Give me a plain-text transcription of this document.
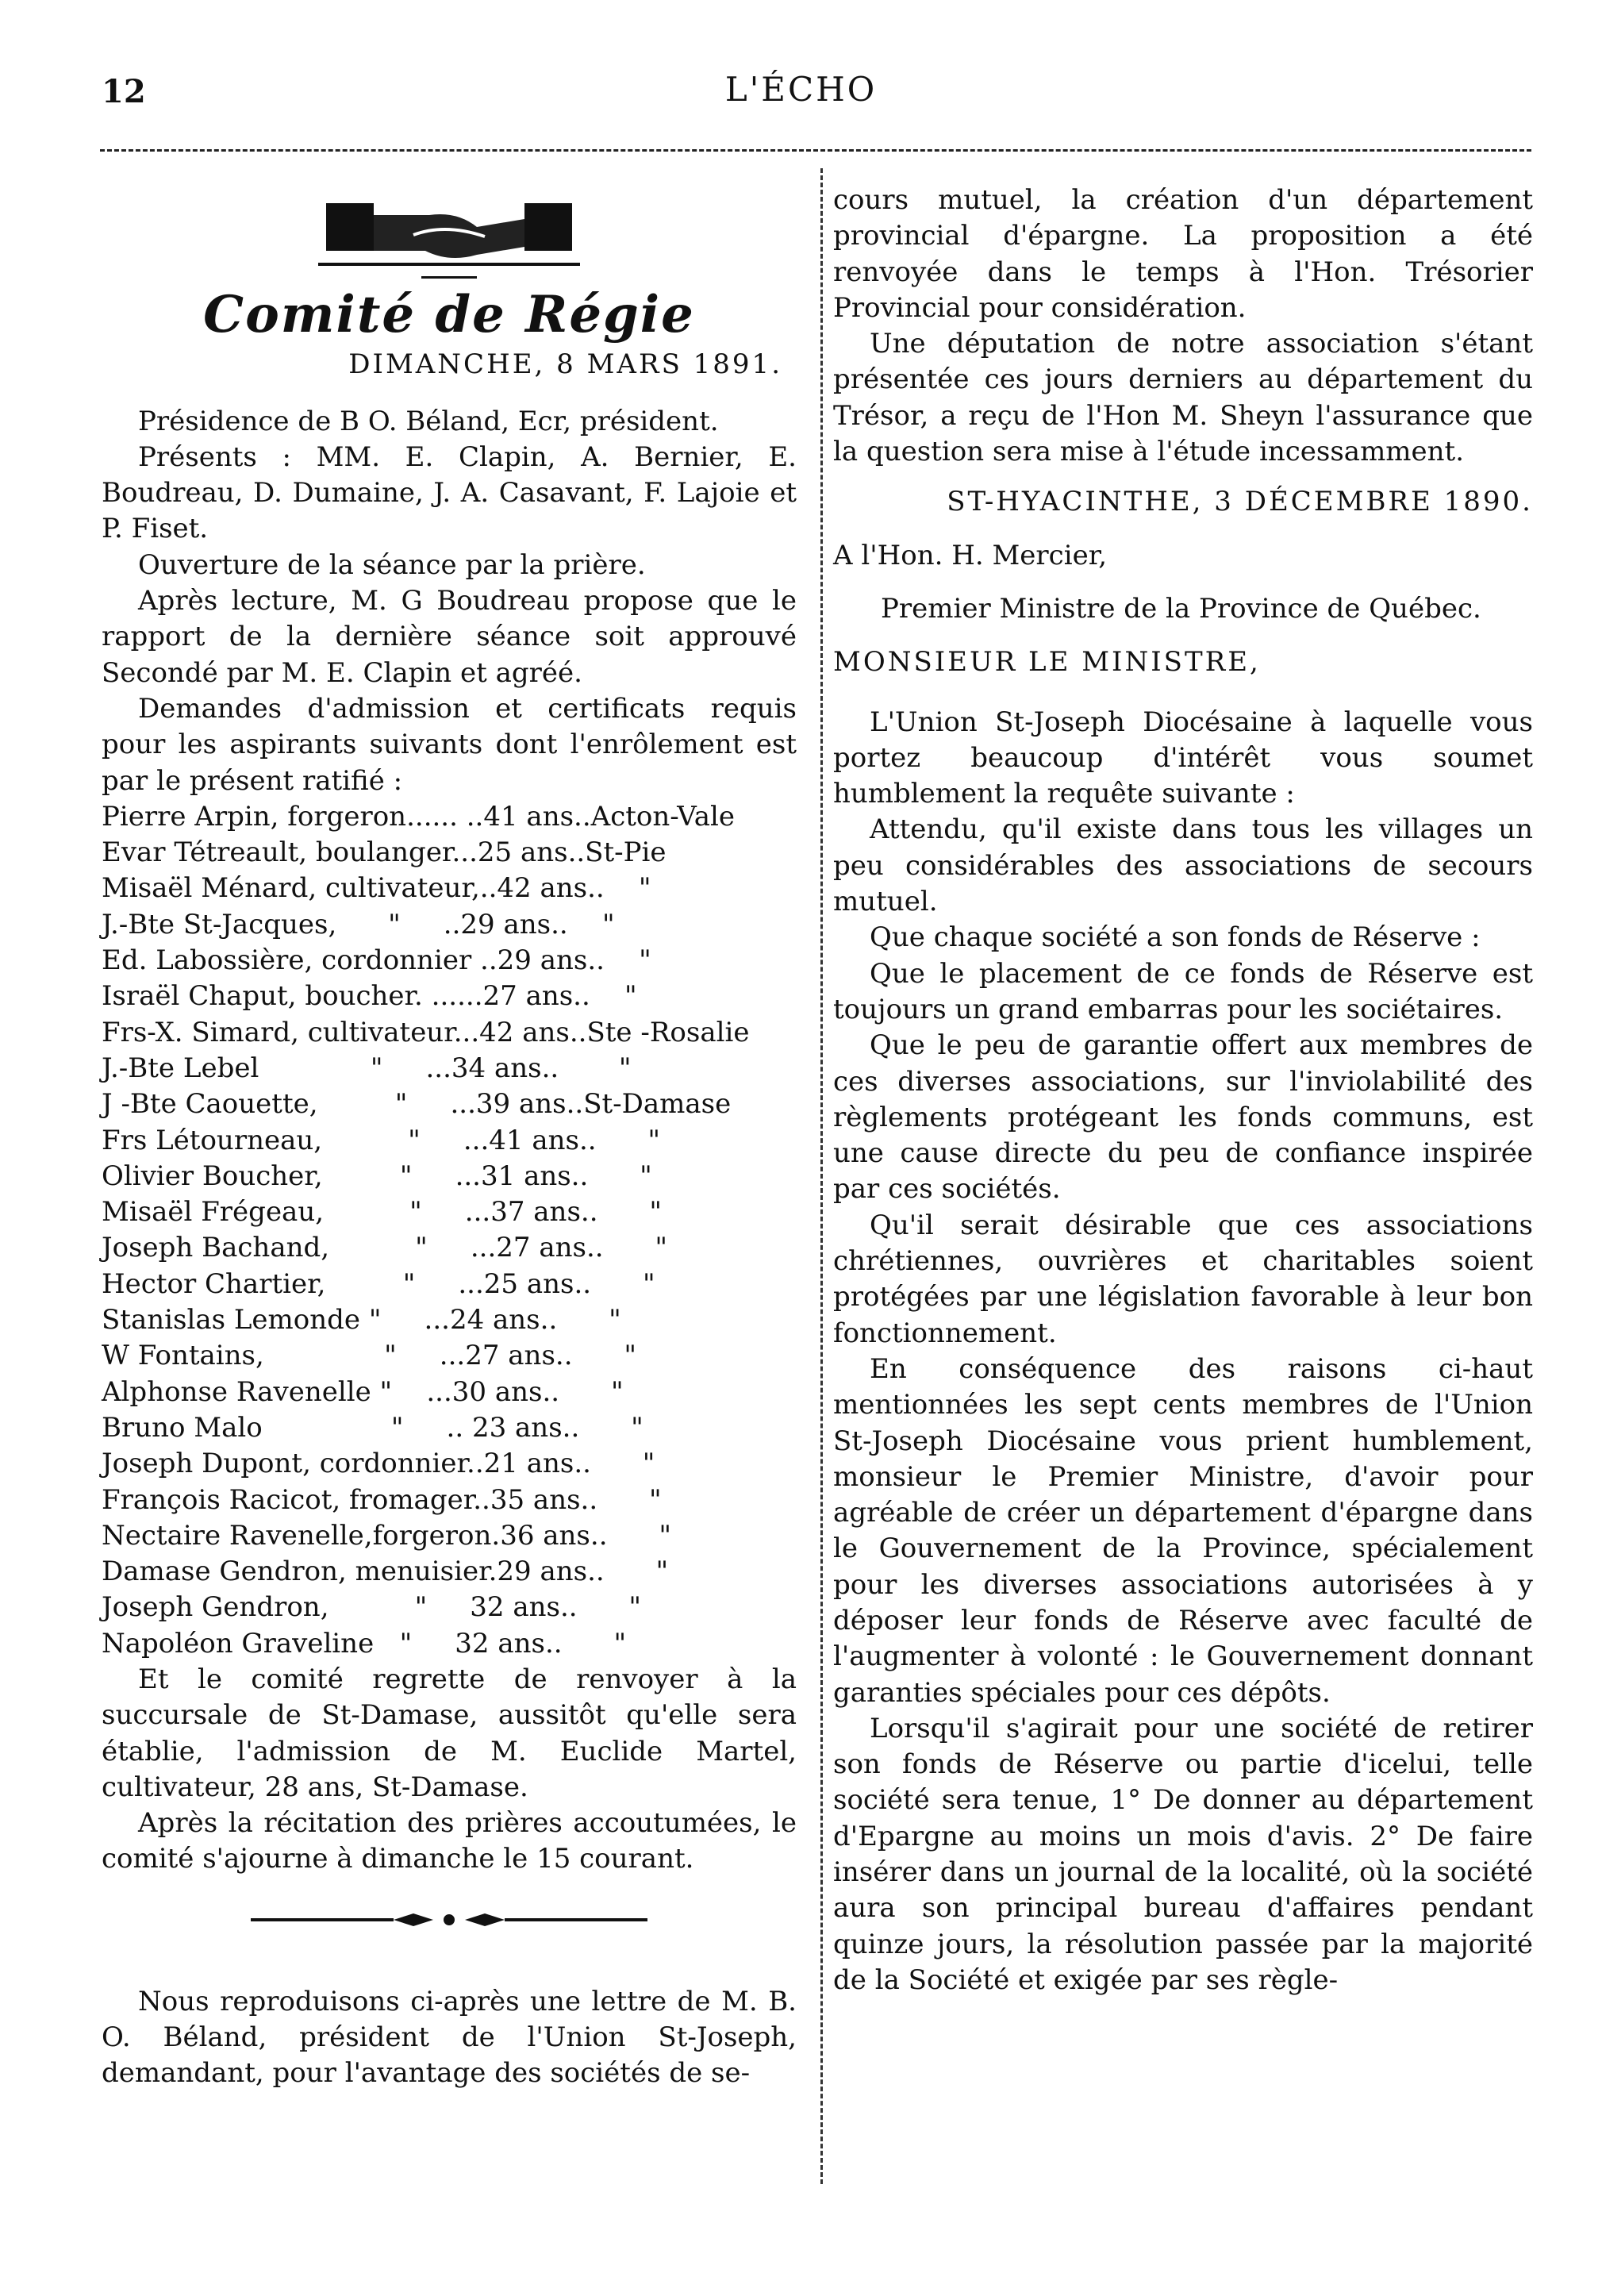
12	L'ÉCHO
Comité de Régie
DIMANCHE, 8 MARS 1891.

Présidence de B O. Béland, Ecr, président.

Présents : MM. E. Clapin, A. Bernier, E. Boudreau, D. Dumaine, J. A. Casavant, F. Lajoie et P. Fiset.

Ouverture de la séance par la prière.

Après lecture, M. G Boudreau propose que le rapport de la dernière séance soit approuvé Secondé par M. E. Clapin et agréé.

Demandes d'admission et certificats requis pour les aspirants suivants dont l'enrôlement est par le présent ratifié :

Pierre Arpin, forgeron...... ..41 ans..Acton-Vale
Evar Tétreault, boulanger...25 ans..St-Pie
Misaël Ménard, cultivateur,..42 ans..    "
J.-Bte St-Jacques,      "     ..29 ans..    "
Ed. Labossière, cordonnier ..29 ans..    "
Israël Chaput, boucher. ......27 ans..    "
Frs-X. Simard, cultivateur...42 ans..Ste -Rosalie
J.-Bte Lebel             "     ...34 ans..       "
J -Bte Caouette,         "     ...39 ans..St-Damase
Frs Létourneau,          "     ...41 ans..      "
Olivier Boucher,         "     ...31 ans..      "
Misaël Frégeau,          "     ...37 ans..      "
Joseph Bachand,          "     ...27 ans..      "
Hector Chartier,         "     ...25 ans..      "
Stanislas Lemonde "     ...24 ans..      "
W Fontains,              "     ...27 ans..      "
Alphonse Ravenelle "    ...30 ans..      "
Bruno Malo               "     .. 23 ans..      "
Joseph Dupont, cordonnier..21 ans..      "
François Racicot, fromager..35 ans..      "
Nectaire Ravenelle,forgeron.36 ans..      "
Damase Gendron, menuisier.29 ans..      "
Joseph Gendron,          "     32 ans..      "
Napoléon Graveline   "     32 ans..      "

Et le comité regrette de renvoyer à la succursale de St-Damase, aussitôt qu'elle sera établie, l'admission de M. Euclide Martel, cultivateur, 28 ans, St-Damase.

Après la récitation des prières accoutumées, le comité s'ajourne à dimanche le 15 courant.

Nous reproduisons ci-après une lettre de M. B. O. Béland, président de l'Union St-Joseph, demandant, pour l'avantage des sociétés de se-

cours mutuel, la création d'un département provincial d'épargne. La proposition a été renvoyée dans le temps à l'Hon. Trésorier Provincial pour considération.

Une députation de notre association s'étant présentée ces jours derniers au département du Trésor, a reçu de l'Hon M. Sheyn l'assurance que la question sera mise à l'étude incessamment.

ST-HYACINTHE, 3 DÉCEMBRE 1890.

A l'Hon. H. Mercier,

Premier Ministre de la Province de Québec.

MONSIEUR LE MINISTRE,

L'Union St-Joseph Diocésaine à laquelle vous portez beaucoup d'intérêt vous soumet humblement la requête suivante :

Attendu, qu'il existe dans tous les villages un peu considérables des associations de secours mutuel.

Que chaque société a son fonds de Réserve :

Que le placement de ce fonds de Réserve est toujours un grand embarras pour les sociétaires.

Que le peu de garantie offert aux membres de ces diverses associations, sur l'inviolabilité des règlements protégeant les fonds communs, est une cause directe du peu de confiance inspirée par ces sociétés.

Qu'il serait désirable que ces associations chrétiennes, ouvrières et charitables soient protégées par une législation favorable à leur bon fonctionnement.

En conséquence des raisons ci-haut mentionnées les sept cents membres de l'Union St-Joseph Diocésaine vous prient humblement, monsieur le Premier Ministre, d'avoir pour agréable de créer un département d'épargne dans le Gouvernement de la Province, spécialement pour les diverses associations autorisées à y déposer leur fonds de Réserve avec faculté de l'augmenter à volonté : le Gouvernement donnant garanties spéciales pour ces dépôts.

Lorsqu'il s'agirait pour une société de retirer son fonds de Réserve ou partie d'icelui, telle société sera tenue, 1° De donner au département d'Epargne au moins un mois d'avis. 2° De faire insérer dans un journal de la localité, où la société aura son principal bureau d'affaires pendant quinze jours, la résolution passée par la majorité de la Société et exigée par ses règle-
